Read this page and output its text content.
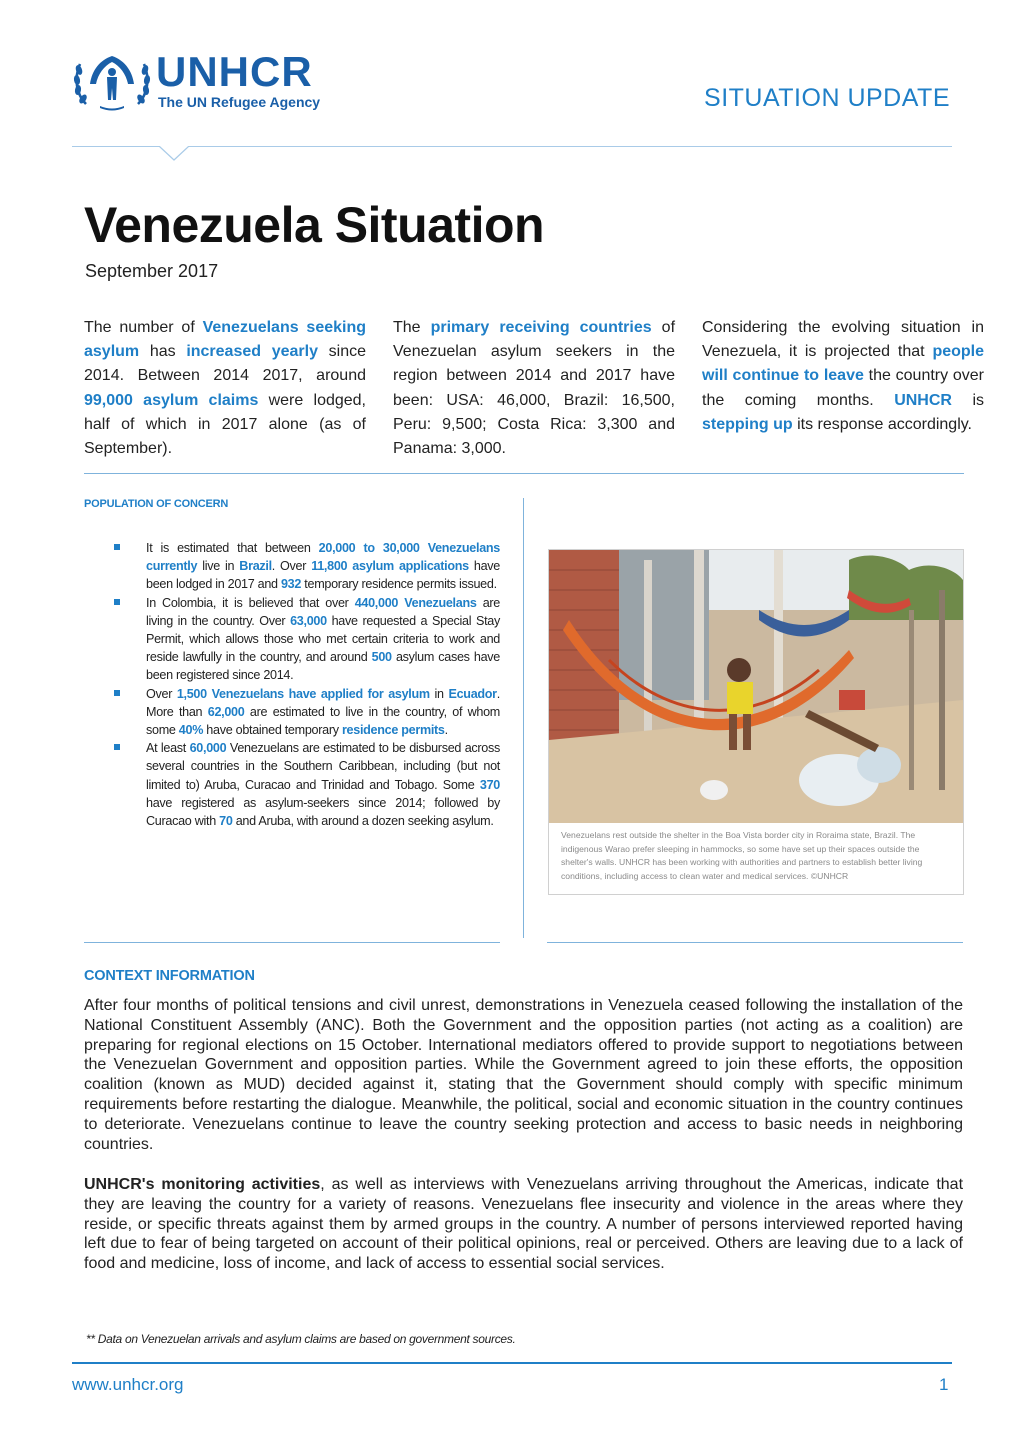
UNHCR
The UN Refugee Agency	SITUATION UPDATE
Venezuela Situation
September 2017
The number of Venezuelans seeking asylum has increased yearly since 2014. Between 2014 2017, around 99,000 asylum claims were lodged, half of which in 2017 alone (as of September).
The primary receiving countries of Venezuelan asylum seekers in the region between 2014 and 2017 have been: USA: 46,000, Brazil: 16,500, Peru: 9,500; Costa Rica: 3,300 and Panama: 3,000.
Considering the evolving situation in Venezuela, it is projected that people will continue to leave the country over the coming months. UNHCR is stepping up its response accordingly.
POPULATION OF CONCERN
It is estimated that between 20,000 to 30,000 Venezuelans currently live in Brazil. Over 11,800 asylum applications have been lodged in 2017 and 932 temporary residence permits issued.
In Colombia, it is believed that over 440,000 Venezuelans are living in the country. Over 63,000 have requested a Special Stay Permit, which allows those who met certain criteria to work and reside lawfully in the country, and around 500 asylum cases have been registered since 2014.
Over 1,500 Venezuelans have applied for asylum in Ecuador. More than 62,000 are estimated to live in the country, of whom some 40% have obtained temporary residence permits.
At least 60,000 Venezuelans are estimated to be disbursed across several countries in the Southern Caribbean, including (but not limited to) Aruba, Curacao and Trinidad and Tobago. Some 370 have registered as asylum-seekers since 2014; followed by Curacao with 70 and Aruba, with around a dozen seeking asylum.
Venezuelans rest outside the shelter in the Boa Vista border city in Roraima state, Brazil. The indigenous Warao prefer sleeping in hammocks, so some have set up their spaces outside the shelter's walls. UNHCR has been working with authorities and partners to establish better living conditions, including access to clean water and medical services. ©UNHCR
CONTEXT INFORMATION
After four months of political tensions and civil unrest, demonstrations in Venezuela ceased following the installation of the National Constituent Assembly (ANC). Both the Government and the opposition parties (not acting as a coalition) are preparing for regional elections on 15 October. International mediators offered to provide support to negotiations between the Venezuelan Government and opposition parties. While the Government agreed to join these efforts, the opposition coalition (known as MUD) decided against it, stating that the Government should comply with specific minimum requirements before restarting the dialogue. Meanwhile, the political, social and economic situation in the country continues to deteriorate. Venezuelans continue to leave the country seeking protection and access to basic needs in neighboring countries.
UNHCR's monitoring activities, as well as interviews with Venezuelans arriving throughout the Americas, indicate that they are leaving the country for a variety of reasons. Venezuelans flee insecurity and violence in the areas where they reside, or specific threats against them by armed groups in the country. A number of persons interviewed reported having left due to fear of being targeted on account of their political opinions, real or perceived. Others are leaving due to a lack of food and medicine, loss of income, and lack of access to essential social services.
** Data on Venezuelan arrivals and asylum claims are based on government sources.
www.unhcr.org	1
